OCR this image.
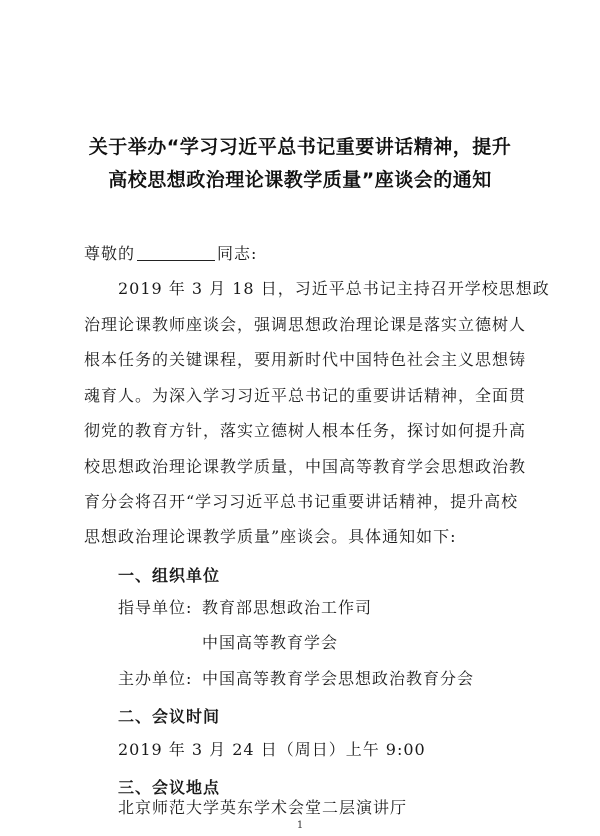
关于举办“学习习近平总书记重要讲话精神，提升
高校思想政治理论课教学质量”座谈会的通知
尊敬的	同志:
2019 年 3 月 18 日，习近平总书记主持召开学校思想政
治理论课教师座谈会，强调思想政治理论课是落实立德树人
根本任务的关键课程，要用新时代中国特色社会主义思想铸
魂育人。为深入学习习近平总书记的重要讲话精神，全面贯
彻党的教育方针，落实立德树人根本任务，探讨如何提升高
校思想政治理论课教学质量，中国高等教育学会思想政治教
育分会将召开“学习习近平总书记重要讲话精神，提升高校
思想政治理论课教学质量”座谈会。具体通知如下:
一、组织单位
指导单位: 教育部思想政治工作司
中国高等教育学会
主办单位: 中国高等教育学会思想政治教育分会
二、会议时间
2019 年 3 月 24 日（周日）上午 9:00
三、会议地点
北京师范大学英东学术会堂二层演讲厅
1
